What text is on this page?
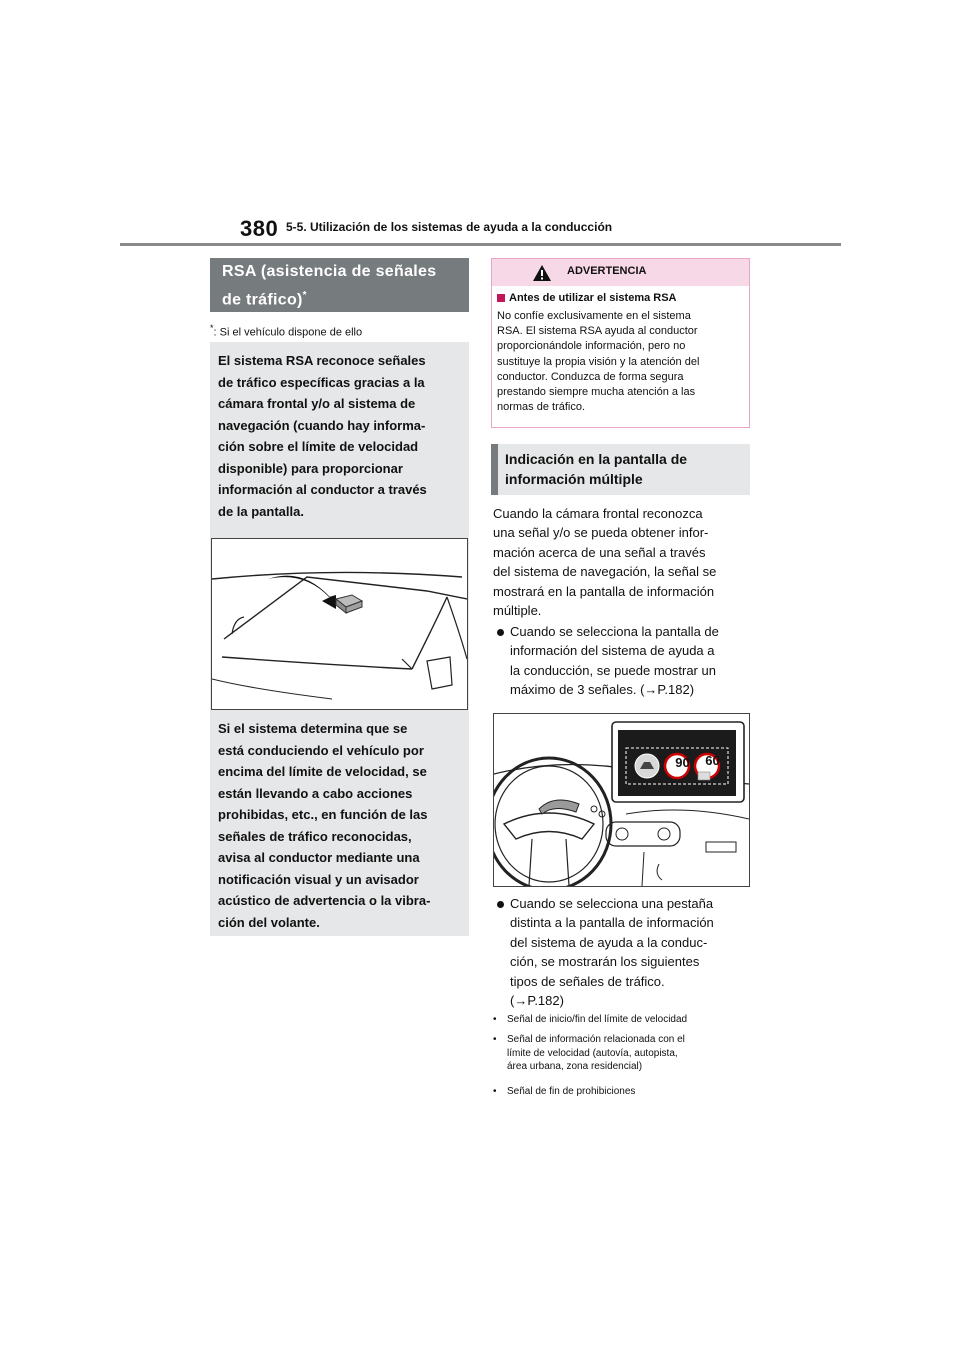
380 5-5. Utilización de los sistemas de ayuda a la conducción
RSA (asistencia de señales
de tráfico)*
*: Si el vehículo dispone de ello
El sistema RSA reconoce señales
de tráfico específicas gracias a la
cámara frontal y/o al sistema de
navegación (cuando hay informa-
ción sobre el límite de velocidad
disponible) para proporcionar
información al conductor a través
de la pantalla.
Si el sistema determina que se
está conduciendo el vehículo por
encima del límite de velocidad, se
están llevando a cabo acciones
prohibidas, etc., en función de las
señales de tráfico reconocidas,
avisa al conductor mediante una
notificación visual y un avisador
acústico de advertencia o la vibra-
ción del volante.
ADVERTENCIA
Antes de utilizar el sistema RSA
No confíe exclusivamente en el sistema
RSA. El sistema RSA ayuda al conductor
proporcionándole información, pero no
sustituye la propia visión y la atención del
conductor. Conduzca de forma segura
prestando siempre mucha atención a las
normas de tráfico.
Indicación en la pantalla de
información múltiple
Cuando la cámara frontal reconozca
una señal y/o se pueda obtener infor-
mación acerca de una señal a través
del sistema de navegación, la señal se
mostrará en la pantalla de información
múltiple.
Cuando se selecciona la pantalla de
información del sistema de ayuda a
la conducción, se puede mostrar un
máximo de 3 señales. (→P.182)
90 60
Cuando se selecciona una pestaña
distinta a la pantalla de información
del sistema de ayuda a la conduc-
ción, se mostrarán los siguientes
tipos de señales de tráfico.
(→P.182)
•	Señal de inicio/fin del límite de velocidad
•	Señal de información relacionada con el
límite de velocidad (autovía, autopista,
área urbana, zona residencial)
•	Señal de fin de prohibiciones
